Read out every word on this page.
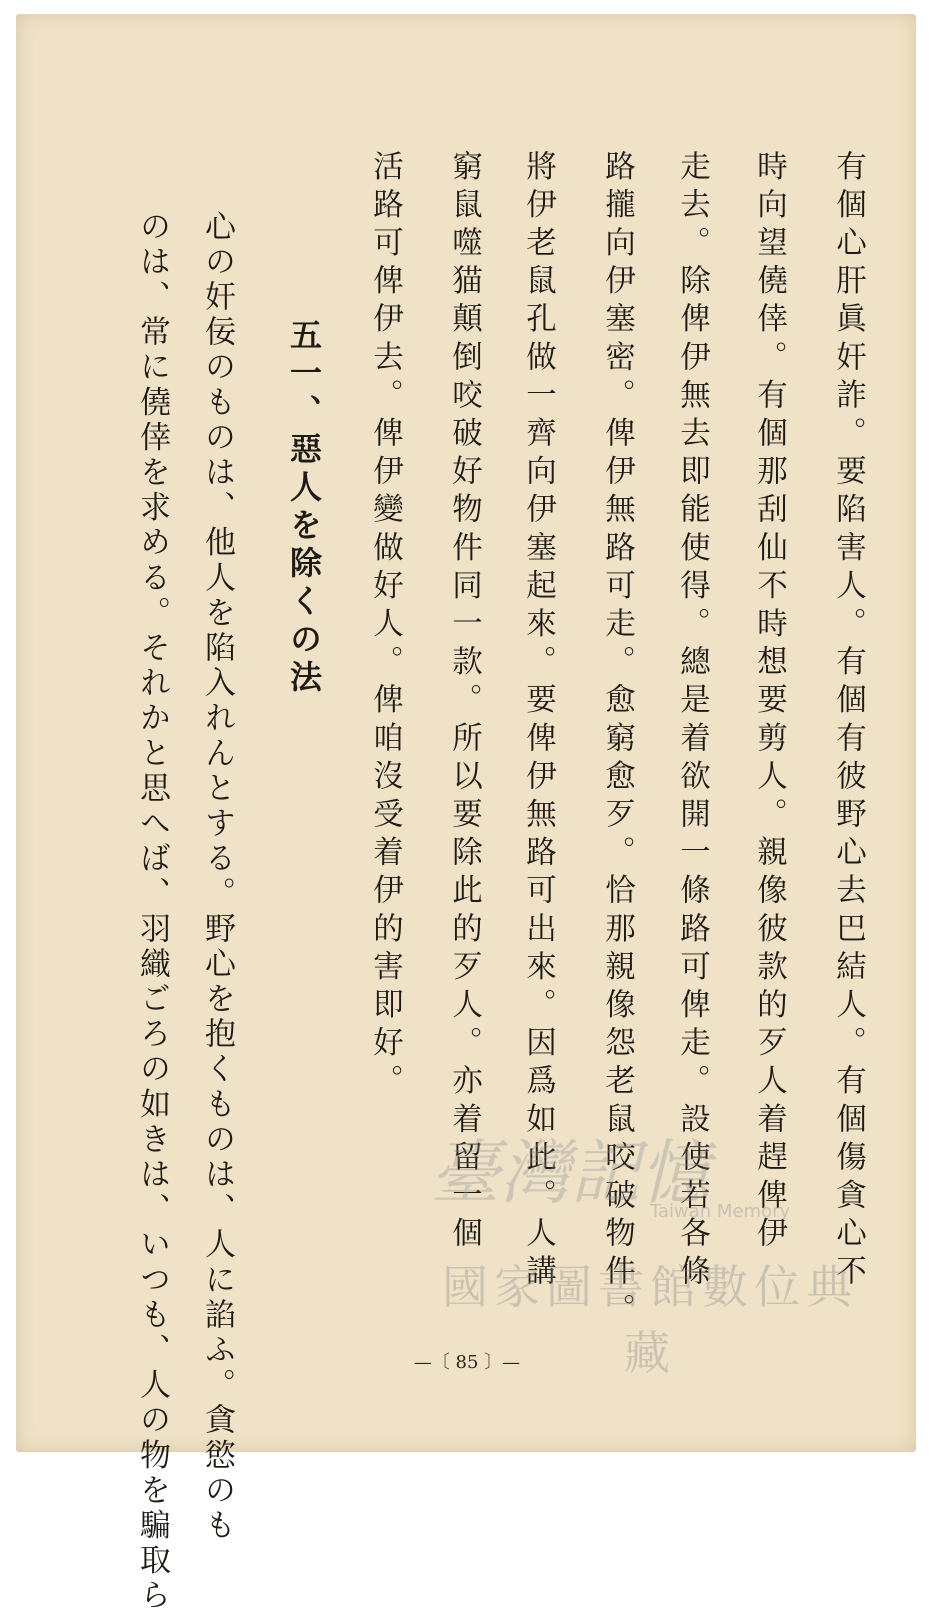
有個心肝眞奸詐。要陷害人。有個有彼野心去巴結人。有個傷貪心不

時向望僥倖。有個那刮仙不時想要剪人。親像彼款的歹人着趕俾伊

走去。除俾伊無去即能使得。總是着欲開一條路可俾走。設使若各條

路攏向伊塞密。俾伊無路可走。愈窮愈歹。恰那親像怨老鼠咬破物件。

將伊老鼠孔做一齊向伊塞起來。要俾伊無路可出來。因爲如此。人講

窮鼠噬猫顛倒咬破好物件同一款。所以要除此的歹人。亦着留一個

活路可俾伊去。俾伊變做好人。俾咱沒受着伊的害即好。

五一、惡人を除くの法

心の奸佞のものは、他人を陷入れんとする。野心を抱くものは、人に諂ふ。貪慾のも

のは、常に僥倖を求める。それかと思へば、羽織ごろの如きは、いつも、人の物を騙取ら	—〔 85 〕—
臺灣記憶
Taiwan Memory
國家圖書館數位典藏
